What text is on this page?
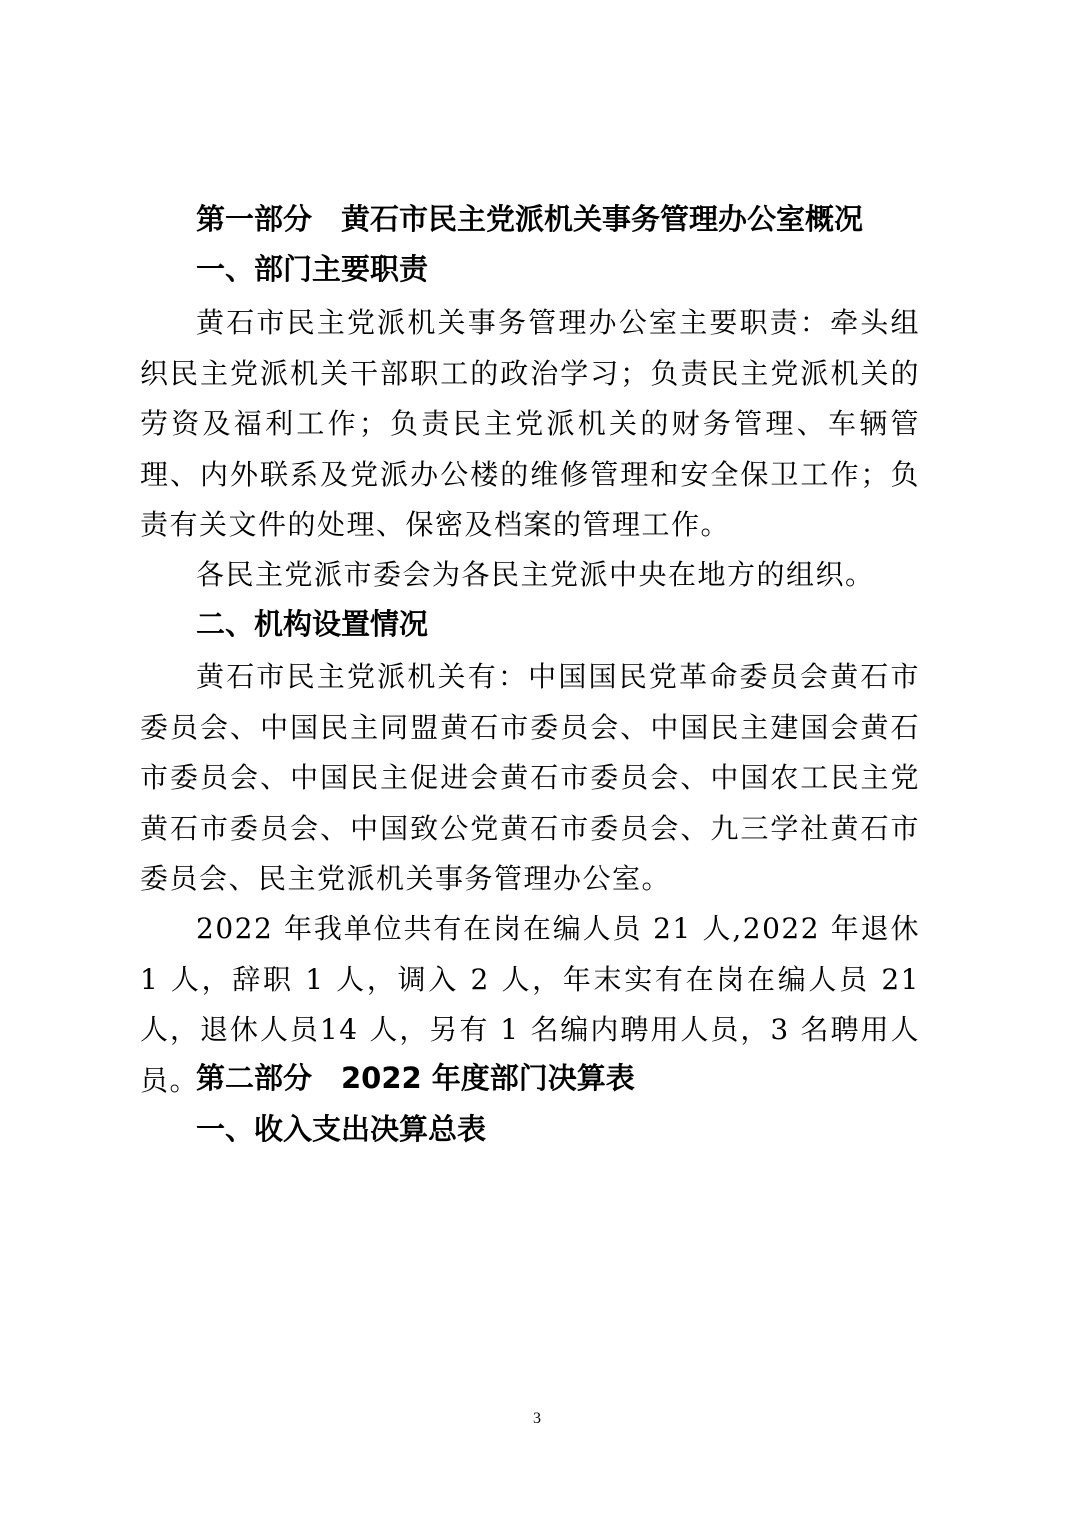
第一部分　黄石市民主党派机关事务管理办公室概况
一、部门主要职责

黄石市民主党派机关事务管理办公室主要职责：牵头组织民主党派机关干部职工的政治学习；负责民主党派机关的劳资及福利工作；负责民主党派机关的财务管理、车辆管理、内外联系及党派办公楼的维修管理和安全保卫工作；负责有关文件的处理、保密及档案的管理工作。

各民主党派市委会为各民主党派中央在地方的组织。

二、机构设置情况

黄石市民主党派机关有：中国国民党革命委员会黄石市委员会、中国民主同盟黄石市委员会、中国民主建国会黄石市委员会、中国民主促进会黄石市委员会、中国农工民主党黄石市委员会、中国致公党黄石市委员会、九三学社黄石市委员会、民主党派机关事务管理办公室。

2022 年我单位共有在岗在编人员 21 人,2022 年退休 1 人，辞职 1 人，调入 2 人，年末实有在岗在编人员 21 人，退休人员14 人，另有 1 名编内聘用人员，3 名聘用人员。

第二部分　2022 年度部门决算表
一、收入支出决算总表
3
